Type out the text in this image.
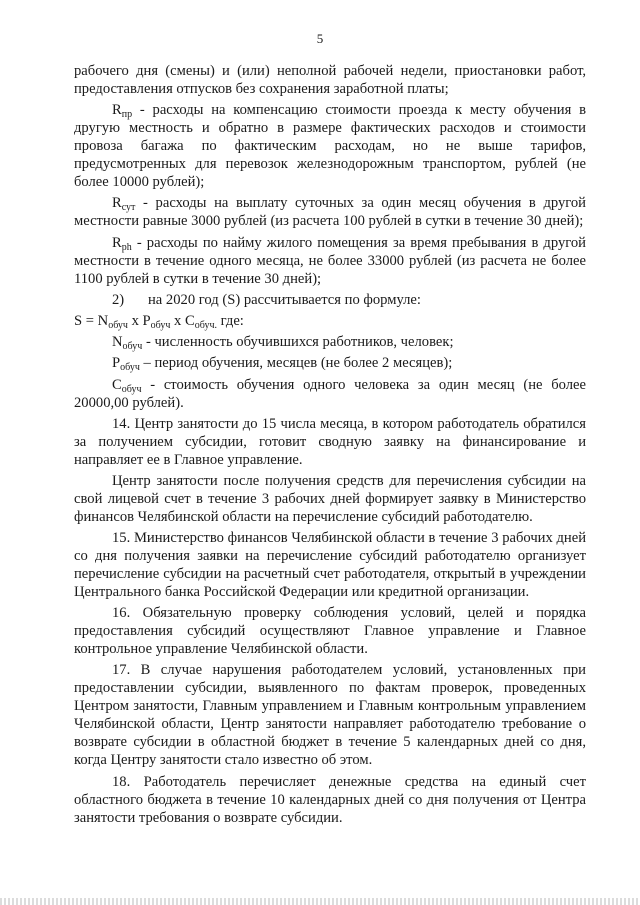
5

рабочего дня (смены) и (или) неполной рабочей недели, приостановки работ, предоставления отпусков без сохранения заработной платы;

$R_{пр}$ - расходы на компенсацию стоимости проезда к месту обучения в другую местность и обратно в размере фактических расходов и стоимости провоза багажа по фактическим расходам, но не выше тарифов, предусмотренных для перевозок железнодорожным транспортом, рублей (не более 10000 рублей);

$R_{сут}$ - расходы на выплату суточных за один месяц обучения в другой местности равные 3000 рублей (из расчета 100 рублей в сутки в течение 30 дней);

$R_{ph}$ - расходы по найму жилого помещения за время пребывания в другой местности в течение одного месяца, не более 33000 рублей (из расчета не более 1100 рублей в сутки в течение 30 дней);

2) на 2020 год (S) рассчитывается по формуле:

$S = N_{обуч}$ х $P_{обуч}$ х $C_{обуч.}$ где:

$N_{обуч}$ - численность обучившихся работников, человек;

$P_{обуч}$ – период обучения, месяцев (не более 2 месяцев);

$C_{обуч}$ - стоимость обучения одного человека за один месяц (не более 20000,00 рублей).

14. Центр занятости до 15 числа месяца, в котором работодатель обратился за получением субсидии, готовит сводную заявку на финансирование и направляет ее в Главное управление.

Центр занятости после получения средств для перечисления субсидии на свой лицевой счет в течение 3 рабочих дней формирует заявку в Министерство финансов Челябинской области на перечисление субсидий работодателю.

15. Министерство финансов Челябинской области в течение 3 рабочих дней со дня получения заявки на перечисление субсидий работодателю организует перечисление субсидии на расчетный счет работодателя, открытый в учреждении Центрального банка Российской Федерации или кредитной организации.

16. Обязательную проверку соблюдения условий, целей и порядка предоставления субсидий осуществляют Главное управление и Главное контрольное управление Челябинской области.

17. В случае нарушения работодателем условий, установленных при предоставлении субсидии, выявленного по фактам проверок, проведенных Центром занятости, Главным управлением и Главным контрольным управлением Челябинской области, Центр занятости направляет работодателю требование о возврате субсидии в областной бюджет в течение 5 календарных дней со дня, когда Центру занятости стало известно об этом.

18. Работодатель перечисляет денежные средства на единый счет областного бюджета в течение 10 календарных дней со дня получения от Центра занятости требования о возврате субсидии.
